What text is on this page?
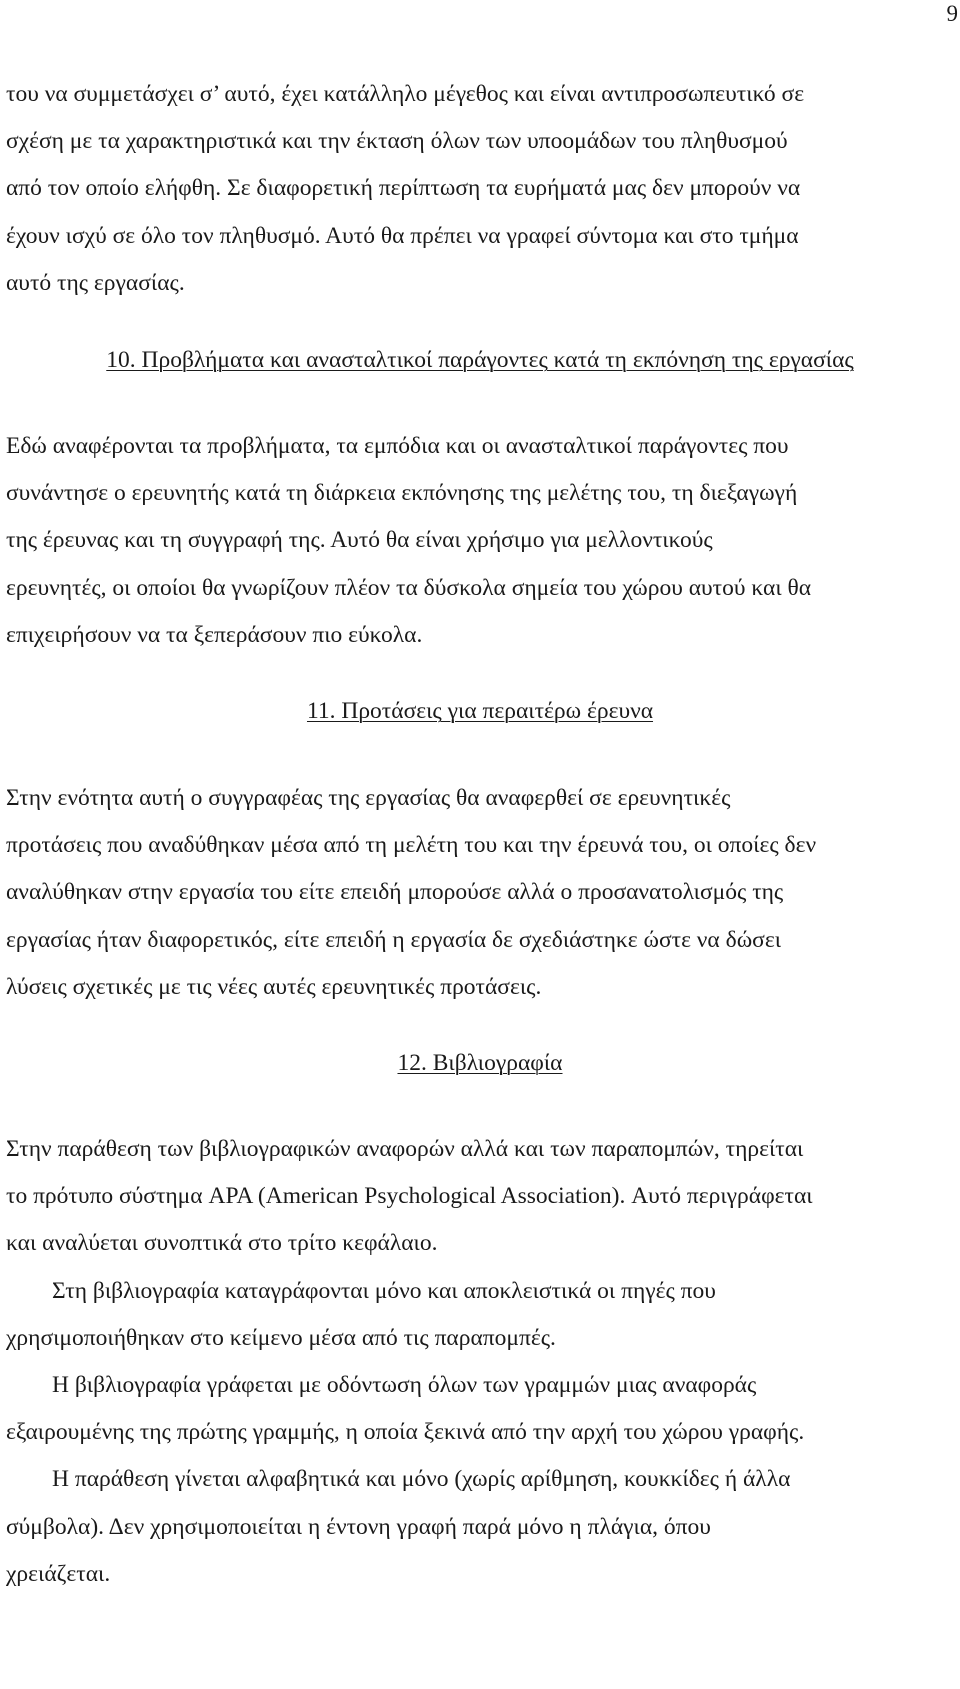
9
του να συμμετάσχει σ’ αυτό, έχει κατάλληλο μέγεθος και είναι αντιπροσωπευτικό σε
σχέση με τα χαρακτηριστικά και την έκταση όλων των υποομάδων του πληθυσμού
από τον οποίο ελήφθη. Σε διαφορετική περίπτωση τα ευρήματά μας δεν μπορούν να
έχουν ισχύ σε όλο τον πληθυσμό. Αυτό θα πρέπει να γραφεί σύντομα και στο τμήμα
αυτό της εργασίας.
10. Προβλήματα και ανασταλτικοί παράγοντες κατά τη εκπόνηση της εργασίας
Εδώ αναφέρονται τα προβλήματα, τα εμπόδια και οι ανασταλτικοί παράγοντες που
συνάντησε ο ερευνητής κατά τη διάρκεια εκπόνησης της μελέτης του, τη διεξαγωγή
της έρευνας και τη συγγραφή της. Αυτό θα είναι χρήσιμο για μελλοντικούς
ερευνητές, οι οποίοι θα γνωρίζουν πλέον τα δύσκολα σημεία του χώρου αυτού και θα
επιχειρήσουν να τα ξεπεράσουν πιο εύκολα.
11. Προτάσεις για περαιτέρω έρευνα
Στην ενότητα αυτή ο συγγραφέας της εργασίας θα αναφερθεί σε ερευνητικές
προτάσεις που αναδύθηκαν μέσα από τη μελέτη του και την έρευνά του, οι οποίες δεν
αναλύθηκαν στην εργασία του είτε επειδή μπορούσε αλλά ο προσανατολισμός της
εργασίας ήταν διαφορετικός, είτε επειδή η εργασία δε σχεδιάστηκε ώστε να δώσει
λύσεις σχετικές με τις νέες αυτές ερευνητικές προτάσεις.
12. Βιβλιογραφία
Στην παράθεση των βιβλιογραφικών αναφορών αλλά και των παραπομπών, τηρείται
το πρότυπο σύστημα APA (American Psychological Association). Αυτό περιγράφεται
και αναλύεται συνοπτικά στο τρίτο κεφάλαιο.
Στη βιβλιογραφία καταγράφονται μόνο και αποκλειστικά οι πηγές που
χρησιμοποιήθηκαν στο κείμενο μέσα από τις παραπομπές.
Η βιβλιογραφία γράφεται με οδόντωση όλων των γραμμών μιας αναφοράς
εξαιρουμένης της πρώτης γραμμής, η οποία ξεκινά από την αρχή του χώρου γραφής.
Η παράθεση γίνεται αλφαβητικά και μόνο (χωρίς αρίθμηση, κουκκίδες ή άλλα
σύμβολα). Δεν χρησιμοποιείται η έντονη γραφή παρά μόνο η πλάγια, όπου
χρειάζεται.
